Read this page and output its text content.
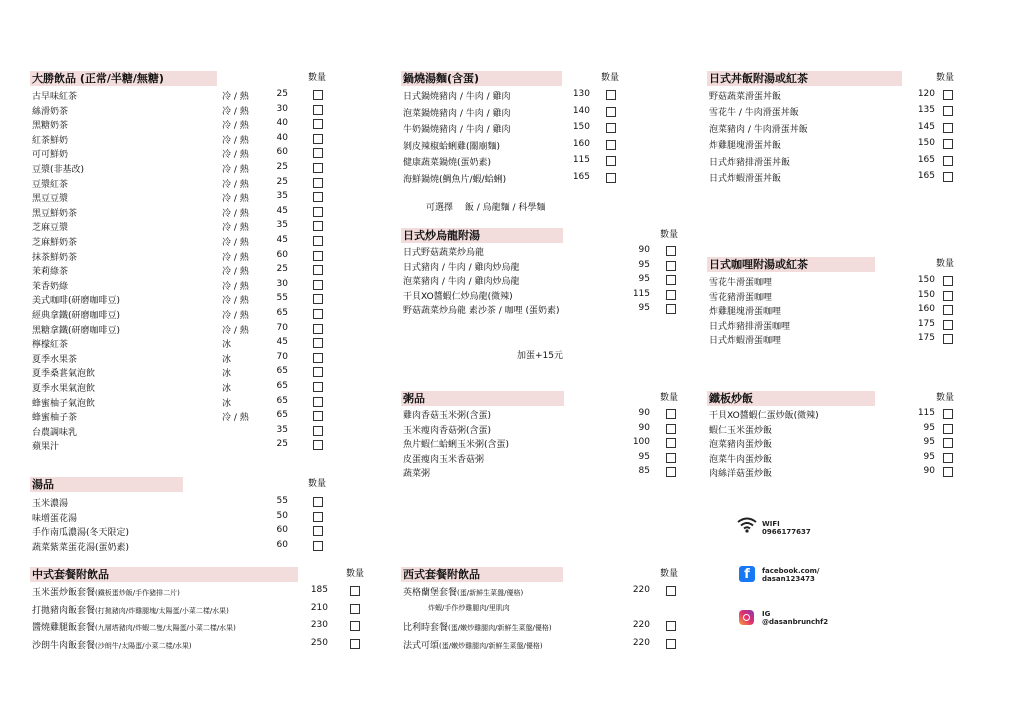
大勝飲品 (正常/半糖/無糖)	數量
古早味紅茶	冷 / 熱	25
絲滑奶茶	冷 / 熱	30
黑糖奶茶	冷 / 熱	40
紅茶鮮奶	冷 / 熱	40
可可鮮奶	冷 / 熱	60
豆漿(非基改)	冷 / 熱	25
豆漿紅茶	冷 / 熱	25
黑豆豆漿	冷 / 熱	35
黑豆鮮奶茶	冷 / 熱	45
芝麻豆漿	冷 / 熱	35
芝麻鮮奶茶	冷 / 熱	45
抹茶鮮奶茶	冷 / 熱	60
茉莉綠茶	冷 / 熱	25
茉香奶綠	冷 / 熱	30
美式咖啡(研磨咖啡豆)	冷 / 熱	55
經典拿鐵(研磨咖啡豆)	冷 / 熱	65
黑糖拿鐵(研磨咖啡豆)	冷 / 熱	70
檸檬紅茶	冰	45
夏季水果茶	冰	70
夏季桑葚氣泡飲	冰	65
夏季水果氣泡飲	冰	65
蜂蜜柚子氣泡飲	冰	65
蜂蜜柚子茶	冷 / 熱	65
台農調味乳	35
蘋果汁	25
湯品	數量
玉米濃湯	55
味增蛋花湯	50
手作南瓜濃湯(冬天限定)	60
蔬菜紫菜蛋花湯(蛋奶素)	60
中式套餐附飲品	數量
玉米蛋炒飯套餐(鐵板蛋炒飯/手作豬排二片)	185
打拋豬肉飯套餐(打拋豬肉/炸雞腿塊/太陽蛋/小菜二樣/水果)	210
醬燒雞腿飯套餐(九層塔豬肉/炸蝦二隻/太陽蛋/小菜二樣/水果)	230
沙朗牛肉飯套餐(沙朗牛/太陽蛋/小菜二樣/水果)	250
鍋燒湯麵(含蛋)	數量
日式鍋燒豬肉 / 牛肉 / 雞肉	130
泡菜鍋燒豬肉 / 牛肉 / 雞肉	140
牛奶鍋燒豬肉 / 牛肉 / 雞肉	150
剝皮辣椒蛤蜊雞(關廟麵)	160
健康蔬菜鍋燒(蛋奶素)	115
海鮮鍋燒(鯛魚片/蝦/蛤蜊)	165
可選擇　 飯 / 烏龍麵 / 科學麵
日式炒烏龍附湯	數量
日式野菇蔬菜炒烏龍	90
日式豬肉 / 牛肉 / 雞肉炒烏龍	95
泡菜豬肉 / 牛肉 / 雞肉炒烏龍	95
干貝XO醬蝦仁炒烏龍(微辣)	115
野菇蔬菜炒烏龍 素沙茶 / 咖哩 (蛋奶素)	95
加蛋+15元
粥品	數量
雞肉香菇玉米粥(含蛋)	90
玉米瘦肉香菇粥(含蛋)	90
魚片蝦仁蛤蜊玉米粥(含蛋)	100
皮蛋瘦肉玉米香菇粥	95
蔬菜粥	85
西式套餐附飲品	數量
英格蘭堡套餐(蛋/新鮮生菜盤/優格)	220
炸蝦/手作炒雞腿肉/里肌肉
比利時套餐(蛋/嫩炒雞腿肉/新鮮生菜盤/優格)	220
法式可頌(蛋/嫩炒雞腿肉/新鮮生菜盤/優格)	220
日式丼飯附湯或紅茶	數量
野菇蔬菜滑蛋丼飯	120
雪花牛 / 牛肉滑蛋丼飯	135
泡菜豬肉 / 牛肉滑蛋丼飯	145
炸雞腿塊滑蛋丼飯	150
日式炸豬排滑蛋丼飯	165
日式炸蝦滑蛋丼飯	165
日式咖哩附湯或紅茶	數量
雪花牛滑蛋咖哩	150
雪花豬滑蛋咖哩	150
炸雞腿塊滑蛋咖哩	160
日式炸豬排滑蛋咖哩	175
日式炸蝦滑蛋咖哩	175
鐵板炒飯	數量
干貝XO醬蝦仁蛋炒飯(微辣)	115
蝦仁玉米蛋炒飯	95
泡菜豬肉蛋炒飯	95
泡菜牛肉蛋炒飯	95
肉絲洋菇蛋炒飯	90
WIFI
0966177637
f	facebook.com/
dasan123473
IG
@dasanbrunchf2
